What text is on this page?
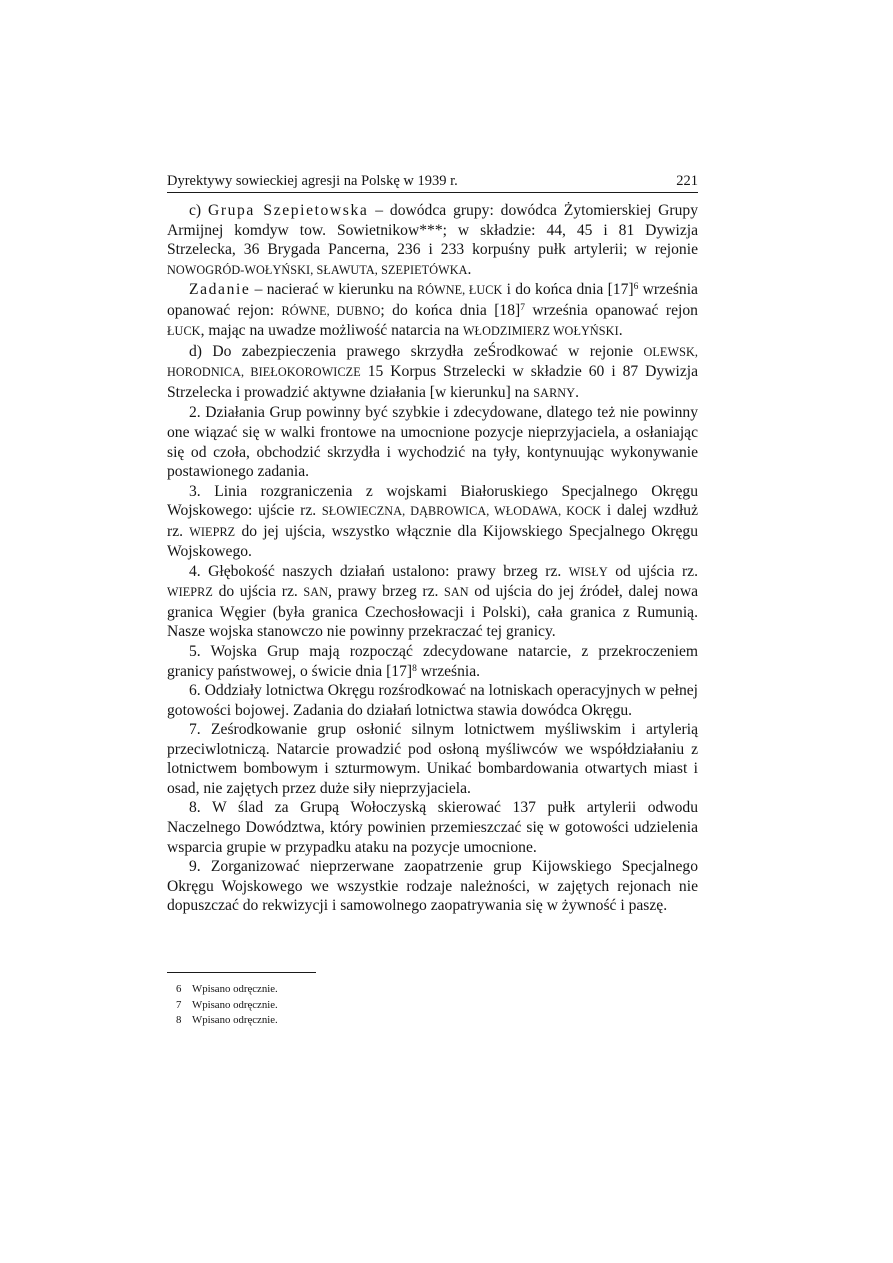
Dyrektywy sowieckiej agresji na Polskę w 1939 r.	221

c) Grupa Szepietowska – dowódca grupy: dowódca Żytomierskiej Grupy Armijnej komdyw tow. Sowietnikow***; w składzie: 44, 45 i 81 Dywizja Strzelecka, 36 Brygada Pancerna, 236 i 233 korpuśny pułk artylerii; w rejonie NOWOGRÓD-WOŁYŃSKI, SŁAWUTA, SZEPIETÓWKA.

Zadanie – nacierać w kierunku na RÓWNE, ŁUCK i do końca dnia $[17]^6$ września opanować rejon: RÓWNE, DUBNO; do końca dnia $[18]^7$ września opanować rejon ŁUCK, mając na uwadze możliwość natarcia na WŁODZIMIERZ WOŁYŃSKI.

d) Do zabezpieczenia prawego skrzydła zeŚrodkować w rejonie OLEWSK, HORODNICA, BIEŁOKOROWICZE 15 Korpus Strzelecki w składzie 60 i 87 Dywizja Strzelecka i prowadzić aktywne działania [w kierunku] na SARNY.

2. Działania Grup powinny być szybkie i zdecydowane, dlatego też nie powinny one wiązać się w walki frontowe na umocnione pozycje nieprzyjaciela, a osłaniając się od czoła, obchodzić skrzydła i wychodzić na tyły, kontynuując wykonywanie postawionego zadania.

3. Linia rozgraniczenia z wojskami Białoruskiego Specjalnego Okręgu Wojskowego: ujście rz. SŁOWIECZNA, DĄBROWICA, WŁODAWA, KOCK i dalej wzdłuż rz. WIEPRZ do jej ujścia, wszystko włącznie dla Kijowskiego Specjalnego Okręgu Wojskowego.

4. Głębokość naszych działań ustalono: prawy brzeg rz. WISŁY od ujścia rz. WIEPRZ do ujścia rz. SAN, prawy brzeg rz. SAN od ujścia do jej źródeł, dalej nowa granica Węgier (była granica Czechosłowacji i Polski), cała granica z Rumunią. Nasze wojska stanowczo nie powinny przekraczać tej granicy.

5. Wojska Grup mają rozpocząć zdecydowane natarcie, z przekroczeniem granicy państwowej, o świcie dnia $[17]^8$ września.

6. Oddziały lotnictwa Okręgu rozśrodkować na lotniskach operacyjnych w pełnej gotowości bojowej. Zadania do działań lotnictwa stawia dowódca Okręgu.

7. Ześrodkowanie grup osłonić silnym lotnictwem myśliwskim i artylerią przeciwlotniczą. Natarcie prowadzić pod osłoną myśliwców we współdziałaniu z lotnictwem bombowym i szturmowym. Unikać bombardowania otwartych miast i osad, nie zajętych przez duże siły nieprzyjaciela.

8. W ślad za Grupą Wołoczyską skierować 137 pułk artylerii odwodu Naczelnego Dowództwa, który powinien przemieszczać się w gotowości udzielenia wsparcia grupie w przypadku ataku na pozycje umocnione.

9. Zorganizować nieprzerwane zaopatrzenie grup Kijowskiego Specjalnego Okręgu Wojskowego we wszystkie rodzaje należności, w zajętych rejonach nie dopuszczać do rekwizycji i samowolnego zaopatrywania się w żywność i paszę.

6 Wpisano odręcznie.
7 Wpisano odręcznie.
8 Wpisano odręcznie.
